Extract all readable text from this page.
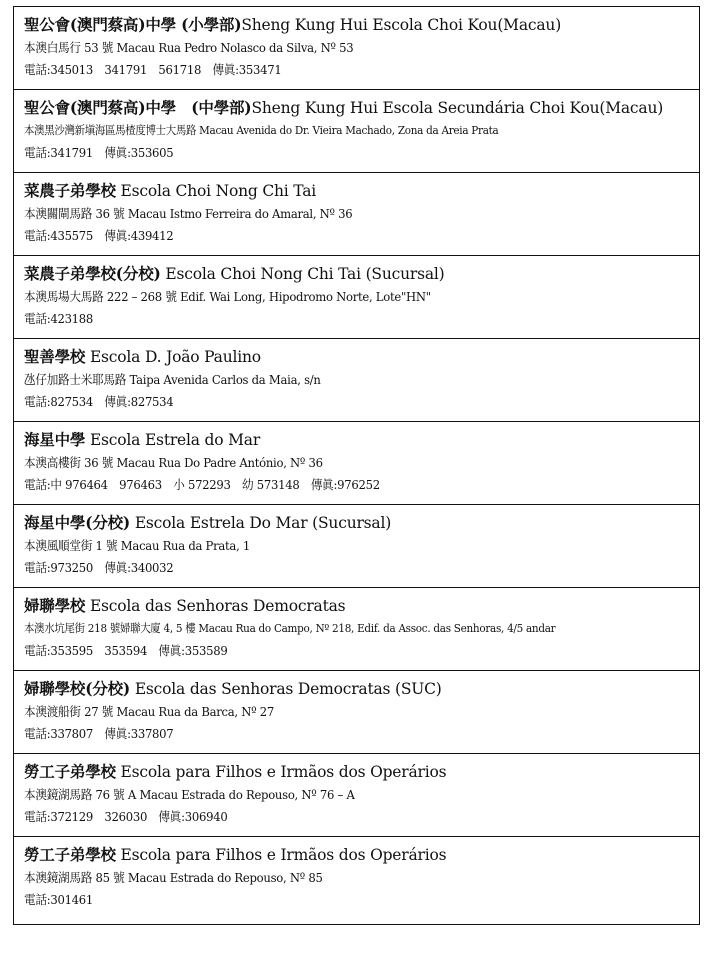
聖公會(澳門蔡高)中學 (小學部)Sheng Kung Hui Escola Choi Kou(Macau)
本澳白馬行 53 號 Macau Rua Pedro Nolasco da Silva, Nº 53
電話:345013　341791　561718　傳眞:353471
聖公會(澳門蔡高)中學　(中學部)Sheng Kung Hui Escola Secundária Choi Kou(Macau)
本澳黑沙灣新塡海區馬楂度博士大馬路 Macau Avenida do Dr. Vieira Machado, Zona da Areia Prata
電話:341791　傳眞:353605
菜農子弟學校 Escola Choi Nong Chi Tai
本澳關閘馬路 36 號 Macau Istmo Ferreira do Amaral, Nº 36
電話:435575　傳眞:439412
菜農子弟學校(分校) Escola Choi Nong Chi Tai (Sucursal)
本澳馬場大馬路 222 – 268 號 Edif. Wai Long, Hipodromo Norte, Lote"HN"
電話:423188
聖善學校 Escola D. João Paulino
氹仔加路士米耶馬路 Taipa Avenida Carlos da Maia, s/n
電話:827534　傳眞:827534
海星中學 Escola Estrela do Mar
本澳高樓街 36 號 Macau Rua Do Padre António, Nº 36
電話:中 976464　976463　小 572293　幼 573148　傳眞:976252
海星中學(分校) Escola Estrela Do Mar (Sucursal)
本澳風順堂街 1 號 Macau Rua da Prata, 1
電話:973250　傳眞:340032
婦聯學校 Escola das Senhoras Democratas
本澳水坑尾街 218 號婦聯大廈 4, 5 樓 Macau Rua do Campo, Nº 218, Edif. da Assoc. das Senhoras, 4/5 andar
電話:353595　353594　傳眞:353589
婦聯學校(分校) Escola das Senhoras Democratas (SUC)
本澳渡船街 27 號 Macau Rua da Barca, Nº 27
電話:337807　傳眞:337807
勞工子弟學校 Escola para Filhos e Irmãos dos Operários
本澳鏡湖馬路 76 號 A Macau Estrada do Repouso, Nº 76 – A
電話:372129　326030　傳眞:306940
勞工子弟學校 Escola para Filhos e Irmãos dos Operários
本澳鏡湖馬路 85 號 Macau Estrada do Repouso, Nº 85
電話:301461
